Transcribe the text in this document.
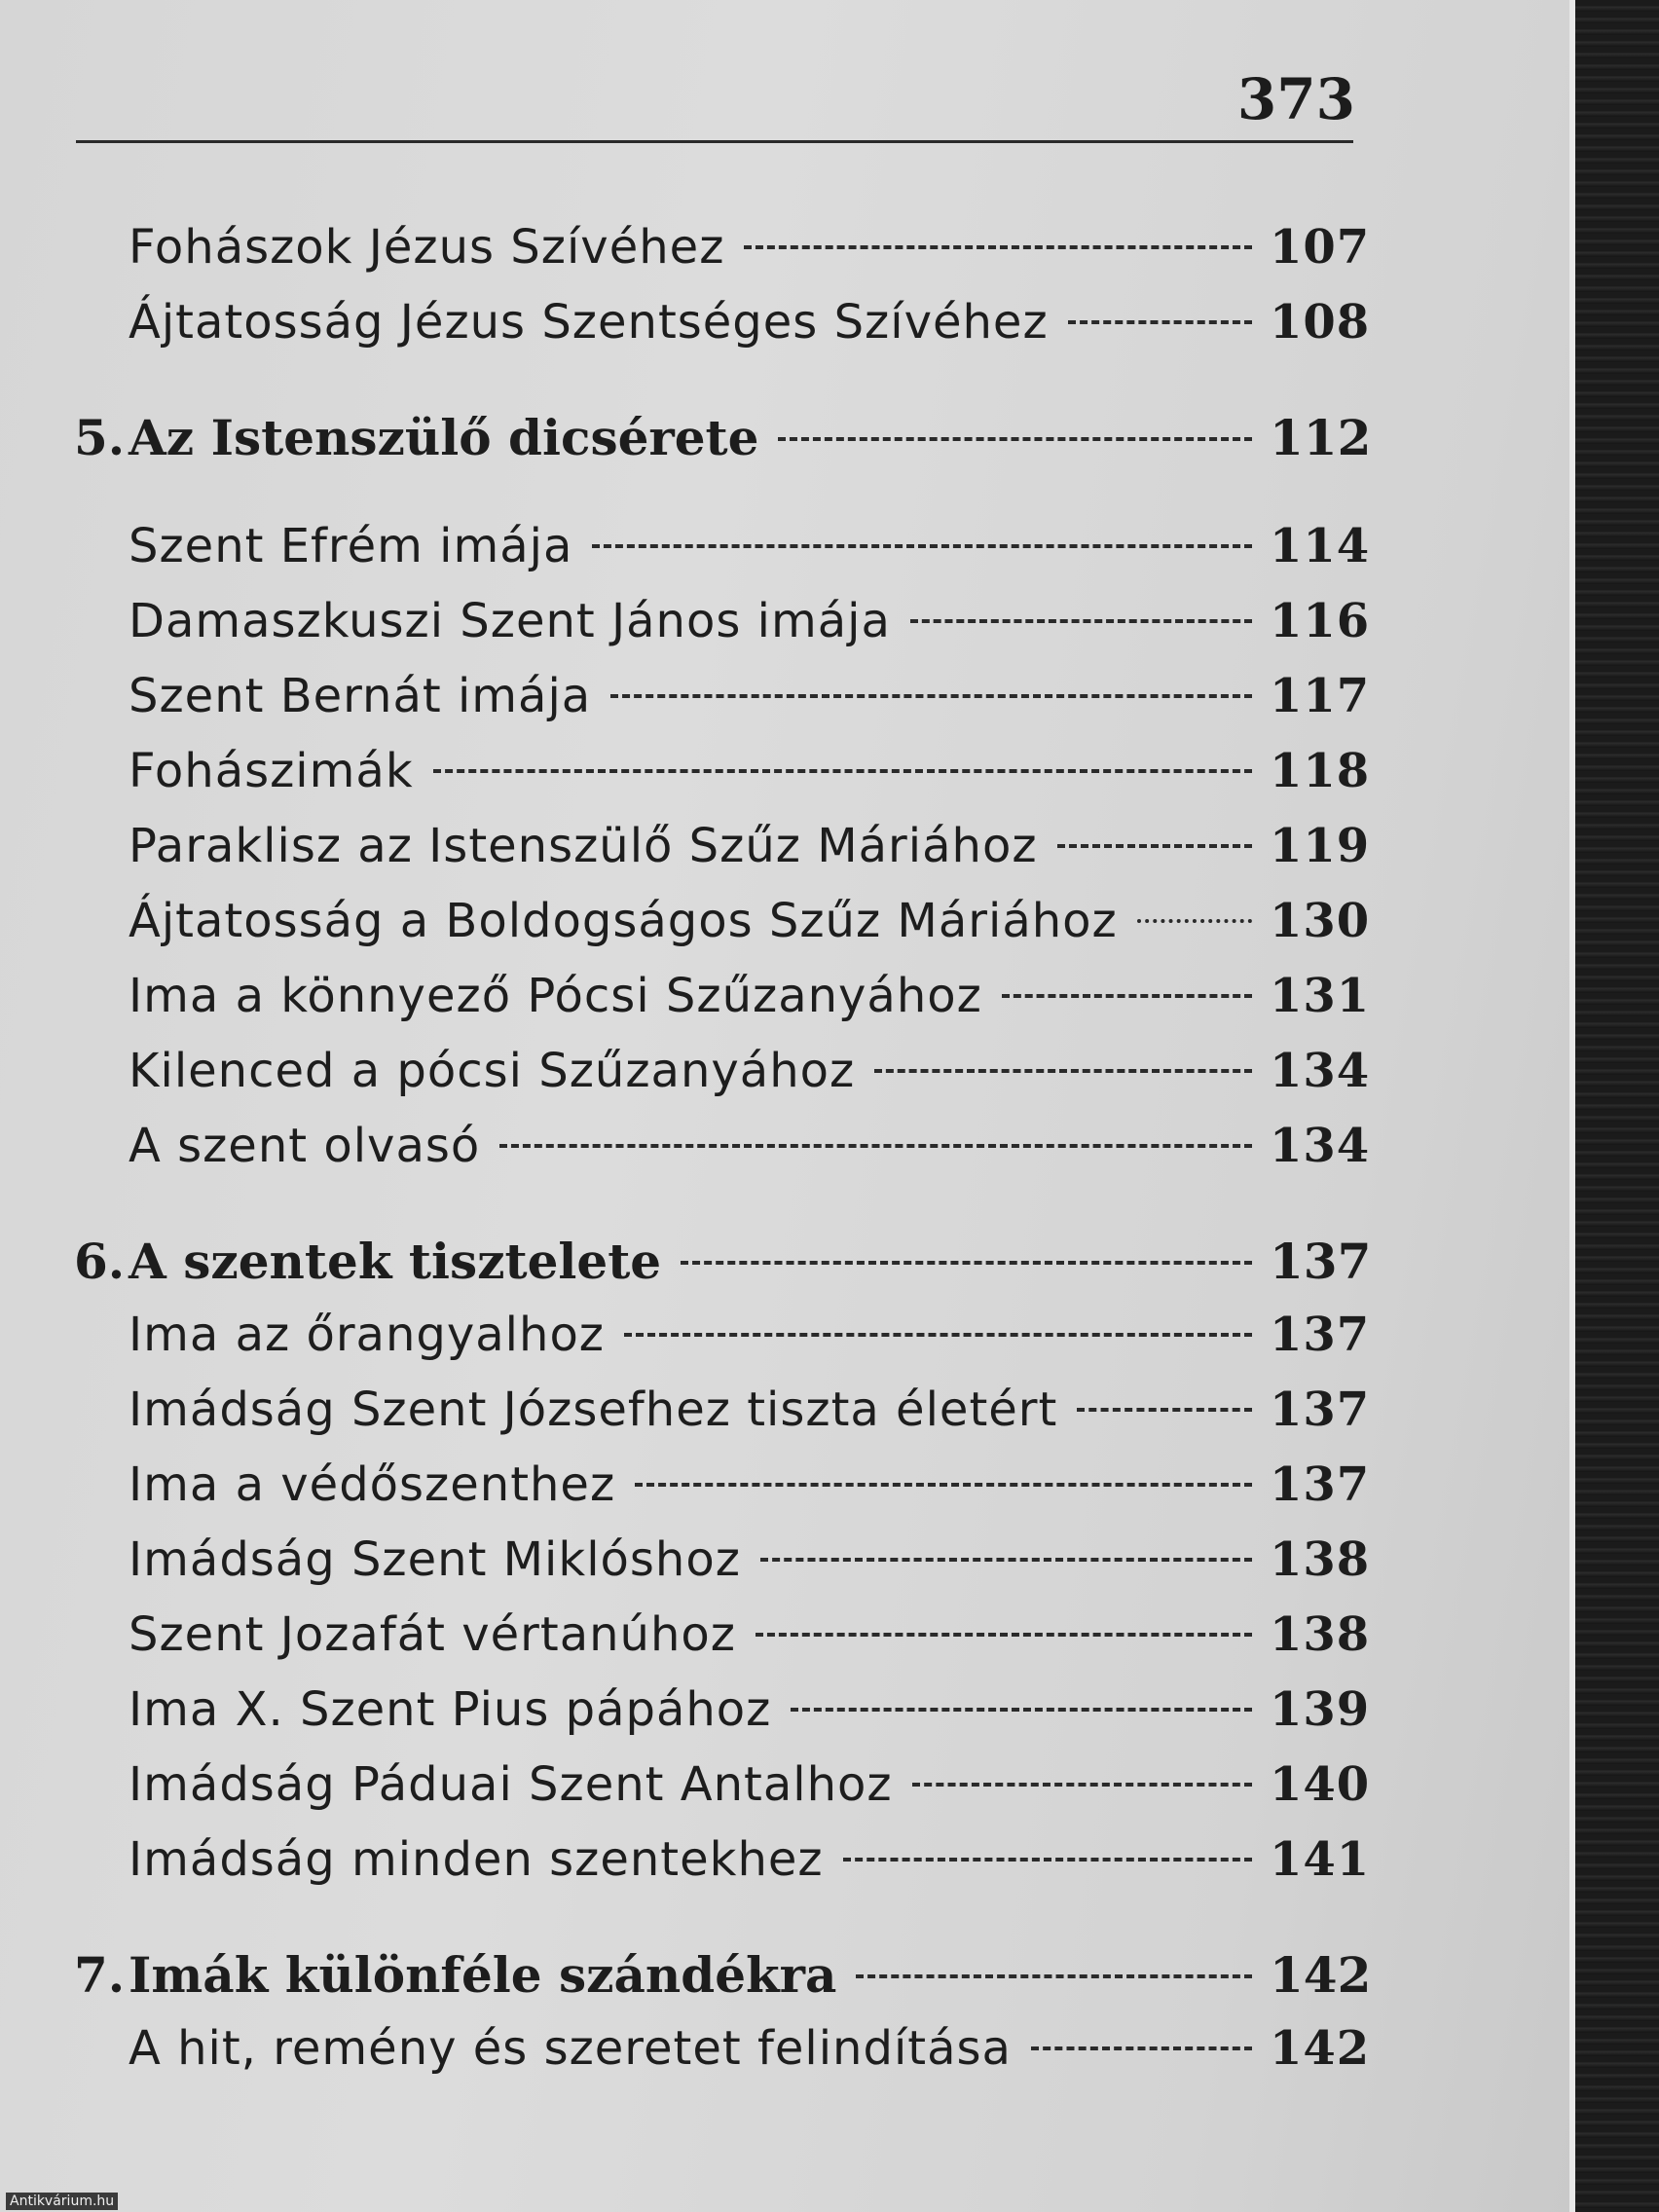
373
Fohászok Jézus Szívéhez	107
Ájtatosság Jézus Szentséges Szívéhez	108
5. Az Istenszülő dicsérete	112
Szent Efrém imája	114
Damaszkuszi Szent János imája	116
Szent Bernát imája	117
Fohászimák	118
Paraklisz az Istenszülő Szűz Máriához	119
Ájtatosság a Boldogságos Szűz Máriához	130
Ima a könnyező Pócsi Szűzanyához	131
Kilenced a pócsi Szűzanyához	134
A szent olvasó	134
6. A szentek tisztelete	137
Ima az őrangyalhoz	137
Imádság Szent Józsefhez tiszta életért	137
Ima a védőszenthez	137
Imádság Szent Miklóshoz	138
Szent Jozafát vértanúhoz	138
Ima X. Szent Pius pápához	139
Imádság Páduai Szent Antalhoz	140
Imádság minden szentekhez	141
7. Imák különféle szándékra	142
A hit, remény és szeretet felindítása	142
Antikvárium.hu
